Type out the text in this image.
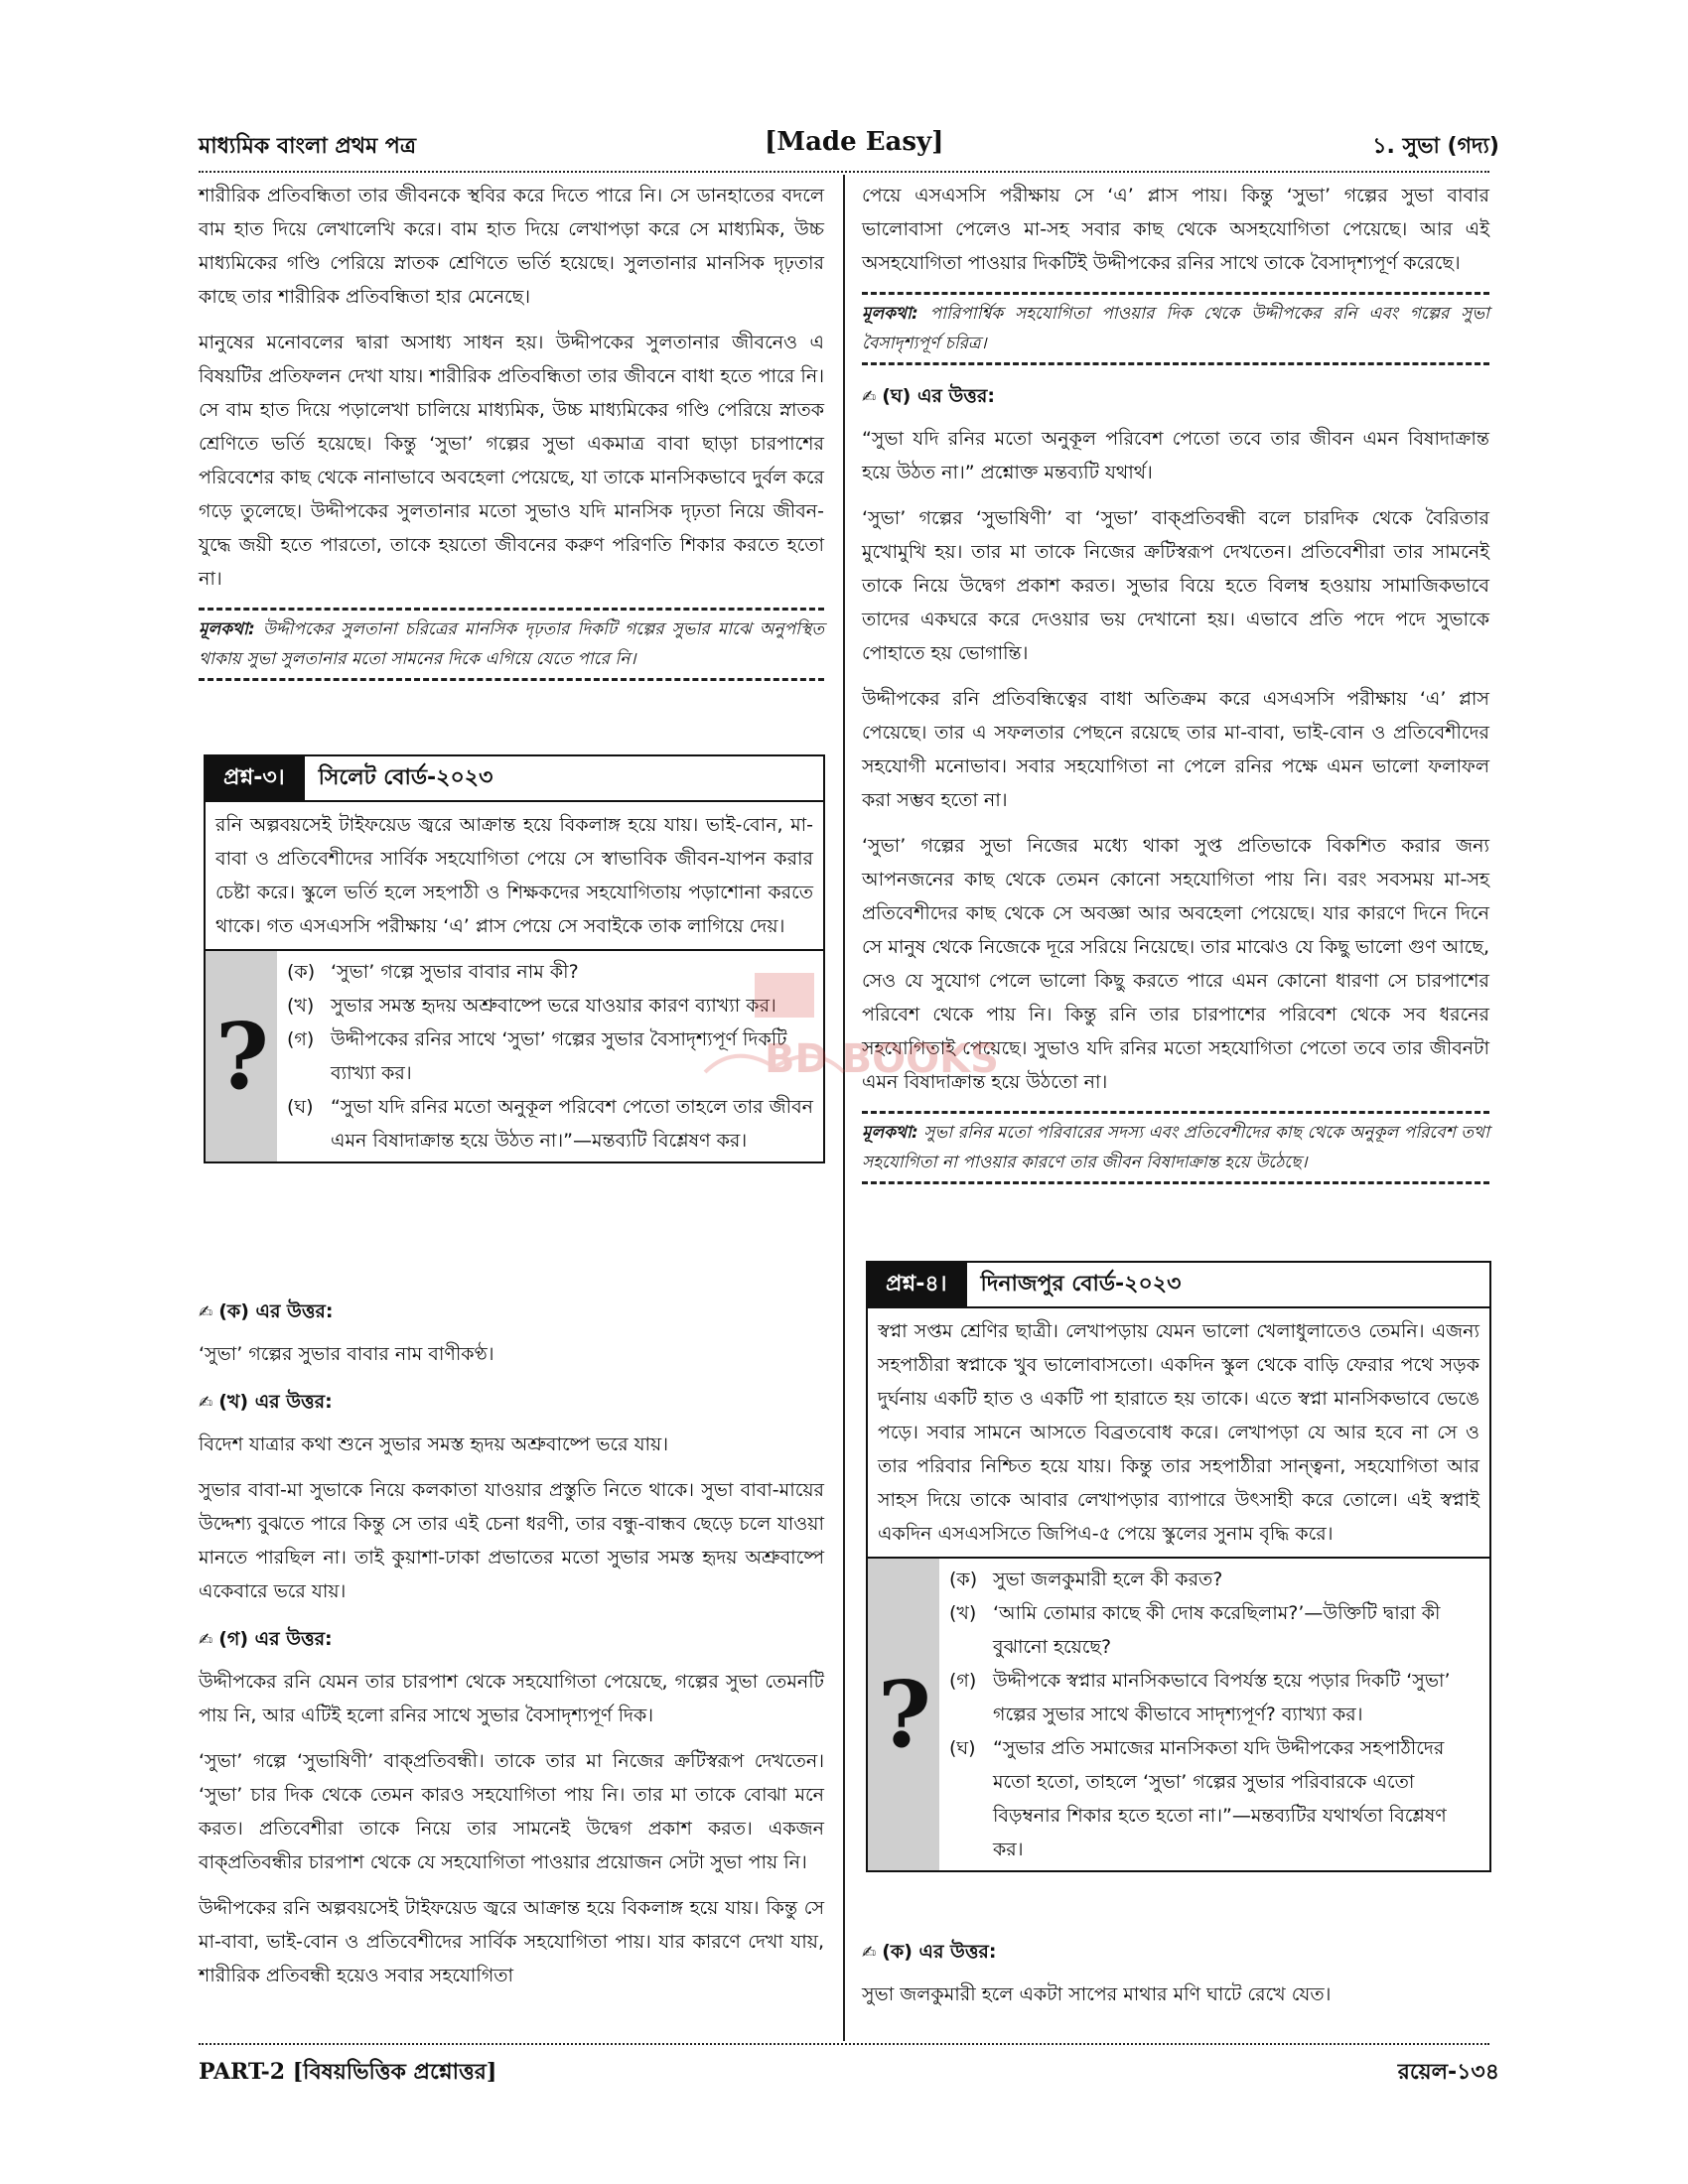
মাধ্যমিক বাংলা প্রথম পত্র	[Made Easy]	১. সুভা (গদ্য)

শারীরিক প্রতিবন্ধিতা তার জীবনকে স্থবির করে দিতে পারে নি। সে ডানহাতের বদলে বাম হাত দিয়ে লেখালেখি করে। বাম হাত দিয়ে লেখাপড়া করে সে মাধ্যমিক, উচ্চ মাধ্যমিকের গণ্ডি পেরিয়ে স্নাতক শ্রেণিতে ভর্তি হয়েছে। সুলতানার মানসিক দৃঢ়তার কাছে তার শারীরিক প্রতিবন্ধিতা হার মেনেছে।

মানুষের মনোবলের দ্বারা অসাধ্য সাধন হয়। উদ্দীপকের সুলতানার জীবনেও এ বিষয়টির প্রতিফলন দেখা যায়। শারীরিক প্রতিবন্ধিতা তার জীবনে বাধা হতে পারে নি। সে বাম হাত দিয়ে পড়ালেখা চালিয়ে মাধ্যমিক, উচ্চ মাধ্যমিকের গণ্ডি পেরিয়ে স্নাতক শ্রেণিতে ভর্তি হয়েছে। কিন্তু ‘সুভা’ গল্পের সুভা একমাত্র বাবা ছাড়া চারপাশের পরিবেশের কাছ থেকে নানাভাবে অবহেলা পেয়েছে, যা তাকে মানসিকভাবে দুর্বল করে গড়ে তুলেছে। উদ্দীপকের সুলতানার মতো সুভাও যদি মানসিক দৃঢ়তা নিয়ে জীবন-যুদ্ধে জয়ী হতে পারতো, তাকে হয়তো জীবনের করুণ পরিণতি শিকার করতে হতো না।

মূলকথা: উদ্দীপকের সুলতানা চরিত্রের মানসিক দৃঢ়তার দিকটি গল্পের সুভার মাঝে অনুপস্থিত থাকায় সুভা সুলতানার মতো সামনের দিকে এগিয়ে যেতে পারে নি।
প্রশ্ন-৩।	সিলেট বোর্ড-২০২৩
রনি অল্পবয়সেই টাইফয়েড জ্বরে আক্রান্ত হয়ে বিকলাঙ্গ হয়ে যায়। ভাই-বোন, মা-বাবা ও প্রতিবেশীদের সার্বিক সহযোগিতা পেয়ে সে স্বাভাবিক জীবন-যাপন করার চেষ্টা করে। স্কুলে ভর্তি হলে সহপাঠী ও শিক্ষকদের সহযোগিতায় পড়াশোনা করতে থাকে। গত এসএসসি পরীক্ষায় ‘এ’ প্লাস পেয়ে সে সবাইকে তাক লাগিয়ে দেয়।
?
(ক) ‘সুভা’ গল্পে সুভার বাবার নাম কী?
(খ) সুভার সমস্ত হৃদয় অশ্রুবাষ্পে ভরে যাওয়ার কারণ ব্যাখ্যা কর।
(গ) উদ্দীপকের রনির সাথে ‘সুভা’ গল্পের সুভার বৈসাদৃশ্যপূর্ণ দিকটি ব্যাখ্যা কর।
(ঘ) “সুভা যদি রনির মতো অনুকূল পরিবেশ পেতো তাহলে তার জীবন এমন বিষাদাক্রান্ত হয়ে উঠত না।”—মন্তব্যটি বিশ্লেষণ কর।
✍ (ক) এর উত্তর:

‘সুভা’ গল্পের সুভার বাবার নাম বাণীকণ্ঠ।

✍ (খ) এর উত্তর:

বিদেশ যাত্রার কথা শুনে সুভার সমস্ত হৃদয় অশ্রুবাষ্পে ভরে যায়।

সুভার বাবা-মা সুভাকে নিয়ে কলকাতা যাওয়ার প্রস্তুতি নিতে থাকে। সুভা বাবা-মায়ের উদ্দেশ্য বুঝতে পারে কিন্তু সে তার এই চেনা ধরণী, তার বন্ধু-বান্ধব ছেড়ে চলে যাওয়া মানতে পারছিল না। তাই কুয়াশা-ঢাকা প্রভাতের মতো সুভার সমস্ত হৃদয় অশ্রুবাষ্পে একেবারে ভরে যায়।

✍ (গ) এর উত্তর:

উদ্দীপকের রনি যেমন তার চারপাশ থেকে সহযোগিতা পেয়েছে, গল্পের সুভা তেমনটি পায় নি, আর এটিই হলো রনির সাথে সুভার বৈসাদৃশ্যপূর্ণ দিক।

‘সুভা’ গল্পে ‘সুভাষিণী’ বাক্প্রতিবন্ধী। তাকে তার মা নিজের ক্রটিস্বরূপ দেখতেন। ‘সুভা’ চার দিক থেকে তেমন কারও সহযোগিতা পায় নি। তার মা তাকে বোঝা মনে করত। প্রতিবেশীরা তাকে নিয়ে তার সামনেই উদ্বেগ প্রকাশ করত। একজন বাক্প্রতিবন্ধীর চারপাশ থেকে যে সহযোগিতা পাওয়ার প্রয়োজন সেটা সুভা পায় নি।

উদ্দীপকের রনি অল্পবয়সেই টাইফয়েড জ্বরে আক্রান্ত হয়ে বিকলাঙ্গ হয়ে যায়। কিন্তু সে মা-বাবা, ভাই-বোন ও প্রতিবেশীদের সার্বিক সহযোগিতা পায়। যার কারণে দেখা যায়, শারীরিক প্রতিবন্ধী হয়েও সবার সহযোগিতা

পেয়ে এসএসসি পরীক্ষায় সে ‘এ’ প্লাস পায়। কিন্তু ‘সুভা’ গল্পের সুভা বাবার ভালোবাসা পেলেও মা-সহ সবার কাছ থেকে অসহযোগিতা পেয়েছে। আর এই অসহযোগিতা পাওয়ার দিকটিই উদ্দীপকের রনির সাথে তাকে বৈসাদৃশ্যপূর্ণ করেছে।

মূলকথা: পারিপার্শ্বিক সহযোগিতা পাওয়ার দিক থেকে উদ্দীপকের রনি এবং গল্পের সুভা বৈসাদৃশ্যপূর্ণ চরিত্র।
✍ (ঘ) এর উত্তর:

“সুভা যদি রনির মতো অনুকূল পরিবেশ পেতো তবে তার জীবন এমন বিষাদাক্রান্ত হয়ে উঠত না।” প্রশ্নোক্ত মন্তব্যটি যথার্থ।

‘সুভা’ গল্পের ‘সুভাষিণী’ বা ‘সুভা’ বাক্প্রতিবন্ধী বলে চারদিক থেকে বৈরিতার মুখোমুখি হয়। তার মা তাকে নিজের ক্রটিস্বরূপ দেখতেন। প্রতিবেশীরা তার সামনেই তাকে নিয়ে উদ্বেগ প্রকাশ করত। সুভার বিয়ে হতে বিলম্ব হওয়ায় সামাজিকভাবে তাদের একঘরে করে দেওয়ার ভয় দেখানো হয়। এভাবে প্রতি পদে পদে সুভাকে পোহাতে হয় ভোগান্তি।

উদ্দীপকের রনি প্রতিবন্ধিত্বের বাধা অতিক্রম করে এসএসসি পরীক্ষায় ‘এ’ প্লাস পেয়েছে। তার এ সফলতার পেছনে রয়েছে তার মা-বাবা, ভাই-বোন ও প্রতিবেশীদের সহযোগী মনোভাব। সবার সহযোগিতা না পেলে রনির পক্ষে এমন ভালো ফলাফল করা সম্ভব হতো না।

‘সুভা’ গল্পের সুভা নিজের মধ্যে থাকা সুপ্ত প্রতিভাকে বিকশিত করার জন্য আপনজনের কাছ থেকে তেমন কোনো সহযোগিতা পায় নি। বরং সবসময় মা-সহ প্রতিবেশীদের কাছ থেকে সে অবজ্ঞা আর অবহেলা পেয়েছে। যার কারণে দিনে দিনে সে মানুষ থেকে নিজেকে দূরে সরিয়ে নিয়েছে। তার মাঝেও যে কিছু ভালো গুণ আছে, সেও যে সুযোগ পেলে ভালো কিছু করতে পারে এমন কোনো ধারণা সে চারপাশের পরিবেশ থেকে পায় নি। কিন্তু রনি তার চারপাশের পরিবেশ থেকে সব ধরনের সহযোগিতাই পেয়েছে। সুভাও যদি রনির মতো সহযোগিতা পেতো তবে তার জীবনটা এমন বিষাদাক্রান্ত হয়ে উঠতো না।

মূলকথা: সুভা রনির মতো পরিবারের সদস্য এবং প্রতিবেশীদের কাছ থেকে অনুকূল পরিবেশ তথা সহযোগিতা না পাওয়ার কারণে তার জীবন বিষাদাক্রান্ত হয়ে উঠেছে।
প্রশ্ন-৪।	দিনাজপুর বোর্ড-২০২৩
স্বপ্না সপ্তম শ্রেণির ছাত্রী। লেখাপড়ায় যেমন ভালো খেলাধুলাতেও তেমনি। এজন্য সহপাঠীরা স্বপ্নাকে খুব ভালোবাসতো। একদিন স্কুল থেকে বাড়ি ফেরার পথে সড়ক দুর্ঘনায় একটি হাত ও একটি পা হারাতে হয় তাকে। এতে স্বপ্না মানসিকভাবে ভেঙে পড়ে। সবার সামনে আসতে বিব্রতবোধ করে। লেখাপড়া যে আর হবে না সে ও তার পরিবার নিশ্চিত হয়ে যায়। কিন্তু তার সহপাঠীরা সান্ত্বনা, সহযোগিতা আর সাহস দিয়ে তাকে আবার লেখাপড়ার ব্যাপারে উৎসাহী করে তোলে। এই স্বপ্নাই একদিন এসএসসিতে জিপিএ-৫ পেয়ে স্কুলের সুনাম বৃদ্ধি করে।
?
(ক) সুভা জলকুমারী হলে কী করত?
(খ) ‘আমি তোমার কাছে কী দোষ করেছিলাম?’—উক্তিটি দ্বারা কী বুঝানো হয়েছে?
(গ) উদ্দীপকে স্বপ্নার মানসিকভাবে বিপর্যস্ত হয়ে পড়ার দিকটি ‘সুভা’ গল্পের সুভার সাথে কীভাবে সাদৃশ্যপূর্ণ? ব্যাখ্যা কর।
(ঘ) “সুভার প্রতি সমাজের মানসিকতা যদি উদ্দীপকের সহপাঠীদের মতো হতো, তাহলে ‘সুভা’ গল্পের সুভার পরিবারকে এতো বিড়ম্বনার শিকার হতে হতো না।”—মন্তব্যটির যথার্থতা বিশ্লেষণ কর।
✍ (ক) এর উত্তর:

সুভা জলকুমারী হলে একটা সাপের মাথার মণি ঘাটে রেখে যেত।

BD BOOKS
PART-2 [বিষয়ভিত্তিক প্রশ্নোত্তর]	রয়েল-১৩৪
